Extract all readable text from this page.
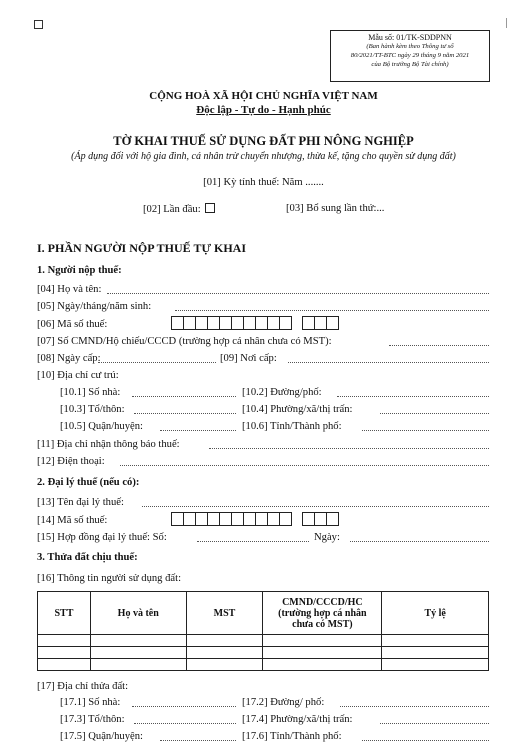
Mẫu số: 01/TK-SDDPNN
(Ban hành kèm theo Thông tư số
80/2021/TT-BTC ngày 29 tháng 9 năm 2021
của Bộ trưởng Bộ Tài chính)
CỘNG HOÀ XÃ HỘI CHỦ NGHĨA VIỆT NAM
Độc lập - Tự do - Hạnh phúc
TỜ KHAI THUẾ SỬ DỤNG ĐẤT PHI NÔNG NGHIỆP
(Áp dụng đối với hộ gia đình, cá nhân trừ chuyển nhượng, thừa kế, tặng cho quyền sử dụng đất)
[01] Kỳ tính thuế: Năm .......
[02] Lần đầu:	[03] Bổ sung lần thứ:...
I. PHẦN NGƯỜI NỘP THUẾ TỰ KHAI
1. Người nộp thuế:
[04] Họ và tên:
[05] Ngày/tháng/năm sinh:
[06] Mã số thuế:
[07] Số CMND/Hộ chiếu/CCCD (trường hợp cá nhân chưa có MST):
[08] Ngày cấp:	[09] Nơi cấp:
[10] Địa chỉ cư trú:
[10.1] Số nhà:	[10.2] Đường/phố:
[10.3] Tổ/thôn:	[10.4] Phường/xã/thị trấn:
[10.5] Quận/huyện:	[10.6] Tỉnh/Thành phố:
[11] Địa chỉ nhận thông báo thuế:
[12] Điện thoại:
2. Đại lý thuế (nếu có):
[13] Tên đại lý thuế:
[14] Mã số thuế:
[15] Hợp đồng đại lý thuế: Số:	Ngày:
3. Thửa đất chịu thuế:
[16] Thông tin người sử dụng đất:
STT	Họ và tên	MST	CMND/CCCD/HC (trường hợp cá nhân chưa có MST)	Tỷ lệ

[17] Địa chỉ thửa đất:
[17.1] Số nhà:	[17.2] Đường/ phố:
[17.3] Tổ/thôn:	[17.4] Phường/xã/thị trấn:
[17.5] Quận/huyện:	[17.6] Tỉnh/Thành phố:
